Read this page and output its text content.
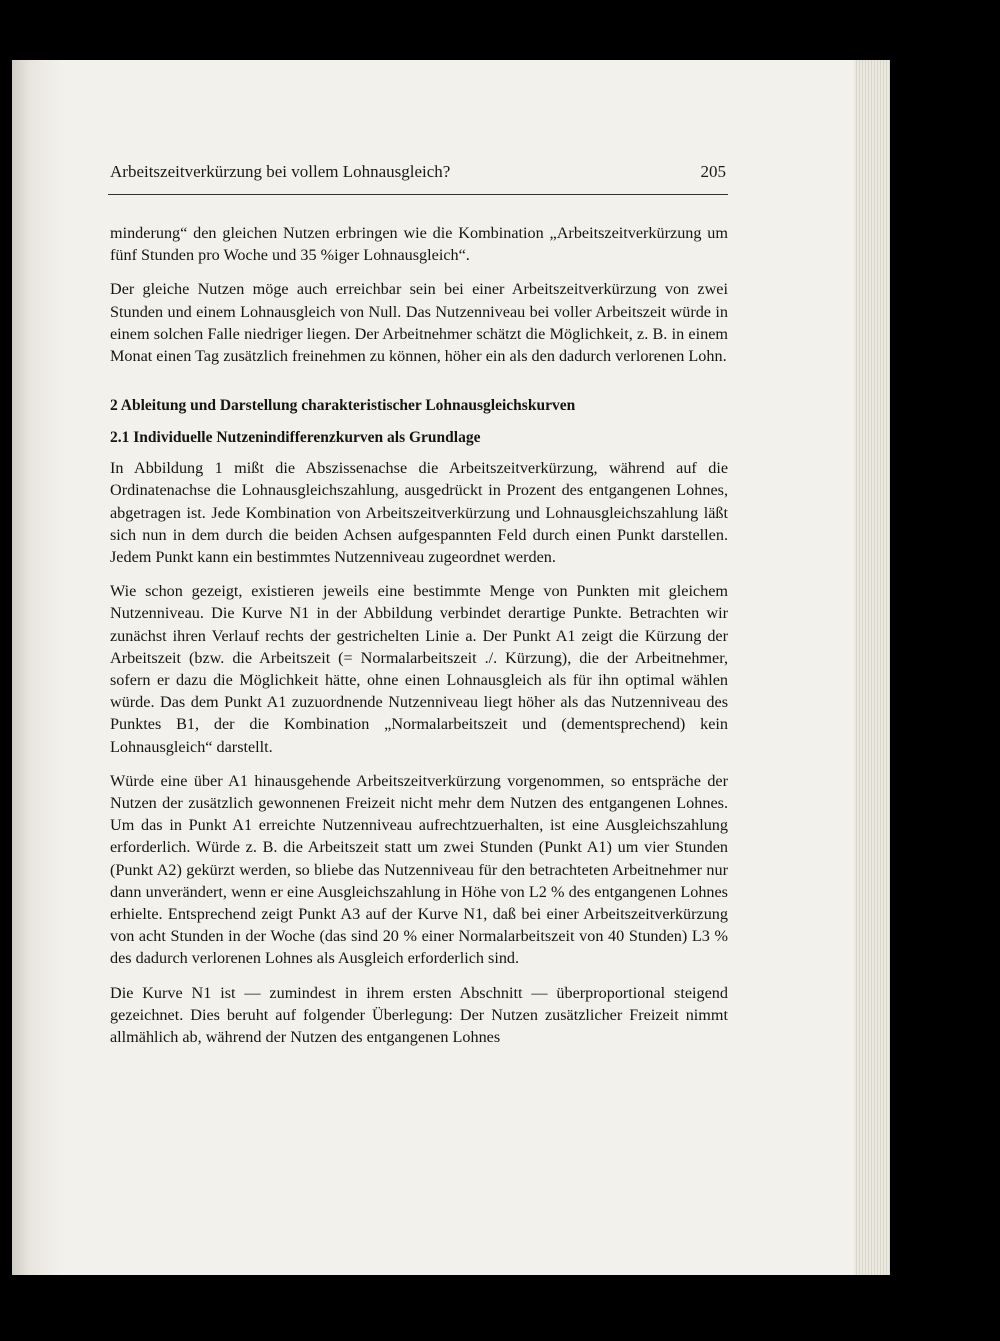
Arbeitszeitverkürzung bei vollem Lohnausgleich?	205

minderung“ den gleichen Nutzen erbringen wie die Kombination „Arbeitszeitverkürzung um fünf Stunden pro Woche und 35 %iger Lohnausgleich“.

Der gleiche Nutzen möge auch erreichbar sein bei einer Arbeitszeitverkürzung von zwei Stunden und einem Lohnausgleich von Null. Das Nutzenniveau bei voller Arbeitszeit würde in einem solchen Falle niedriger liegen. Der Arbeitnehmer schätzt die Möglichkeit, z. B. in einem Monat einen Tag zusätzlich freinehmen zu können, höher ein als den dadurch verlorenen Lohn.

2 Ableitung und Darstellung charakteristischer Lohnausgleichskurven
2.1 Individuelle Nutzenindifferenzkurven als Grundlage

In Abbildung 1 mißt die Abszissenachse die Arbeitszeitverkürzung, während auf die Ordinatenachse die Lohnausgleichszahlung, ausgedrückt in Prozent des entgangenen Lohnes, abgetragen ist. Jede Kombination von Arbeitszeitverkürzung und Lohnausgleichszahlung läßt sich nun in dem durch die beiden Achsen aufgespannten Feld durch einen Punkt darstellen. Jedem Punkt kann ein bestimmtes Nutzenniveau zugeordnet werden.

Wie schon gezeigt, existieren jeweils eine bestimmte Menge von Punkten mit gleichem Nutzenniveau. Die Kurve N1 in der Abbildung verbindet derartige Punkte. Betrachten wir zunächst ihren Verlauf rechts der gestrichelten Linie a. Der Punkt A1 zeigt die Kürzung der Arbeitszeit (bzw. die Arbeitszeit (= Normalarbeitszeit ./. Kürzung), die der Arbeitnehmer, sofern er dazu die Möglichkeit hätte, ohne einen Lohnausgleich als für ihn optimal wählen würde. Das dem Punkt A1 zuzuordnende Nutzenniveau liegt höher als das Nutzenniveau des Punktes B1, der die Kombination „Normalarbeitszeit und (dementsprechend) kein Lohnausgleich“ darstellt.

Würde eine über A1 hinausgehende Arbeitszeitverkürzung vorgenommen, so entspräche der Nutzen der zusätzlich gewonnenen Freizeit nicht mehr dem Nutzen des entgangenen Lohnes. Um das in Punkt A1 erreichte Nutzenniveau aufrechtzuerhalten, ist eine Ausgleichszahlung erforderlich. Würde z. B. die Arbeitszeit statt um zwei Stunden (Punkt A1) um vier Stunden (Punkt A2) gekürzt werden, so bliebe das Nutzenniveau für den betrachteten Arbeitnehmer nur dann unverändert, wenn er eine Ausgleichszahlung in Höhe von L2 % des entgangenen Lohnes erhielte. Entsprechend zeigt Punkt A3 auf der Kurve N1, daß bei einer Arbeitszeitverkürzung von acht Stunden in der Woche (das sind 20 % einer Normalarbeitszeit von 40 Stunden) L3 % des dadurch verlorenen Lohnes als Ausgleich erforderlich sind.

Die Kurve N1 ist — zumindest in ihrem ersten Abschnitt — überproportional steigend gezeichnet. Dies beruht auf folgender Überlegung: Der Nutzen zusätzlicher Freizeit nimmt allmählich ab, während der Nutzen des entgangenen Lohnes
